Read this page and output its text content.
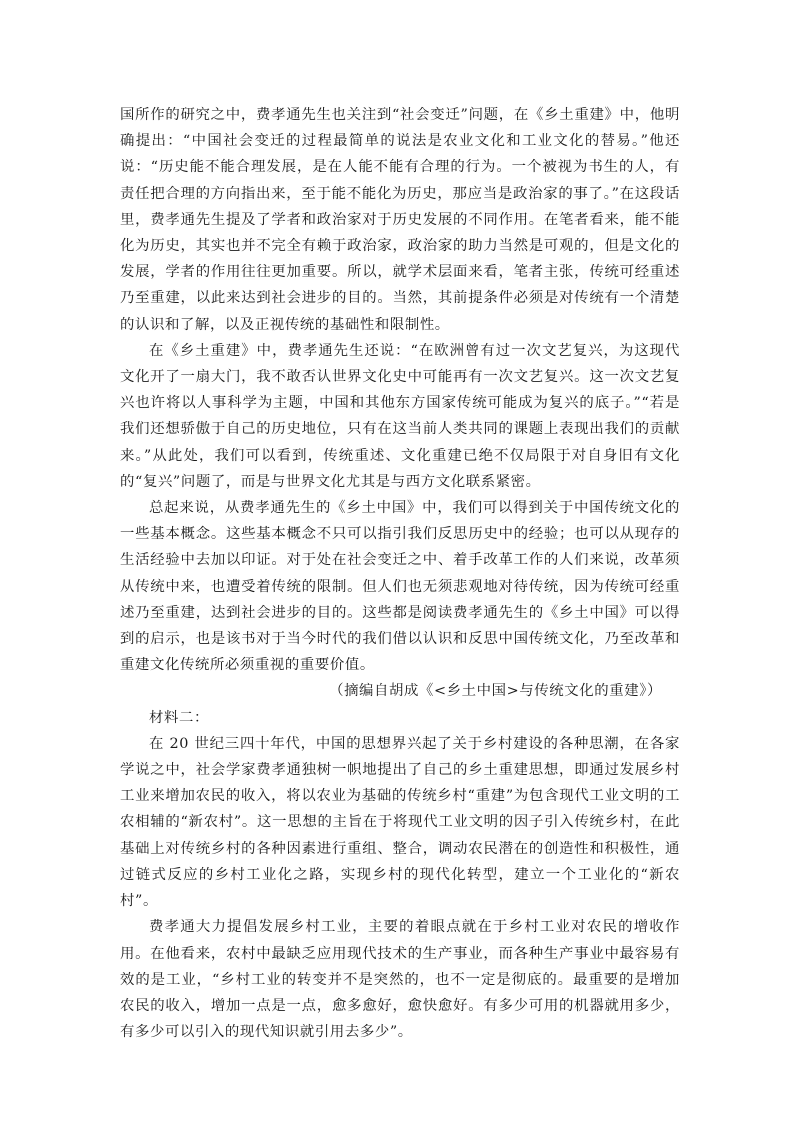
国所作的研究之中，费孝通先生也关注到“社会变迁”问题，在《乡土重建》中，他明确提出：“中国社会变迁的过程最简单的说法是农业文化和工业文化的替易。”他还说：“历史能不能合理发展，是在人能不能有合理的行为。一个被视为书生的人，有责任把合理的方向指出来，至于能不能化为历史，那应当是政治家的事了。”在这段话里，费孝通先生提及了学者和政治家对于历史发展的不同作用。在笔者看来，能不能化为历史，其实也并不完全有赖于政治家，政治家的助力当然是可观的，但是文化的发展，学者的作用往往更加重要。所以，就学术层面来看，笔者主张，传统可经重述乃至重建，以此来达到社会进步的目的。当然，其前提条件必须是对传统有一个清楚的认识和了解，以及正视传统的基础性和限制性。

在《乡土重建》中，费孝通先生还说：“在欧洲曾有过一次文艺复兴，为这现代文化开了一扇大门，我不敢否认世界文化史中可能再有一次文艺复兴。这一次文艺复兴也许将以人事科学为主题，中国和其他东方国家传统可能成为复兴的底子。”“若是我们还想骄傲于自己的历史地位，只有在这当前人类共同的课题上表现出我们的贡献来。”从此处，我们可以看到，传统重述、文化重建已绝不仅局限于对自身旧有文化的“复兴”问题了，而是与世界文化尤其是与西方文化联系紧密。

总起来说，从费孝通先生的《乡土中国》中，我们可以得到关于中国传统文化的一些基本概念。这些基本概念不只可以指引我们反思历史中的经验；也可以从现存的生活经验中去加以印证。对于处在社会变迁之中、着手改革工作的人们来说，改革须从传统中来，也遭受着传统的限制。但人们也无须悲观地对待传统，因为传统可经重述乃至重建，达到社会进步的目的。这些都是阅读费孝通先生的《乡土中国》可以得到的启示，也是该书对于当今时代的我们借以认识和反思中国传统文化，乃至改革和重建文化传统所必须重视的重要价值。

（摘编自胡成《<乡土中国>与传统文化的重建》）

材料二：

在 20 世纪三四十年代，中国的思想界兴起了关于乡村建设的各种思潮，在各家学说之中，社会学家费孝通独树一帜地提出了自己的乡土重建思想，即通过发展乡村工业来增加农民的收入，将以农业为基础的传统乡村“重建”为包含现代工业文明的工农相辅的“新农村”。这一思想的主旨在于将现代工业文明的因子引入传统乡村，在此基础上对传统乡村的各种因素进行重组、整合，调动农民潜在的创造性和积极性，通过链式反应的乡村工业化之路，实现乡村的现代化转型，建立一个工业化的“新农村”。

费孝通大力提倡发展乡村工业，主要的着眼点就在于乡村工业对农民的增收作用。在他看来，农村中最缺乏应用现代技术的生产事业，而各种生产事业中最容易有效的是工业，“乡村工业的转变并不是突然的，也不一定是彻底的。最重要的是增加农民的收入，增加一点是一点，愈多愈好，愈快愈好。有多少可用的机器就用多少，有多少可以引入的现代知识就引用去多少”。
